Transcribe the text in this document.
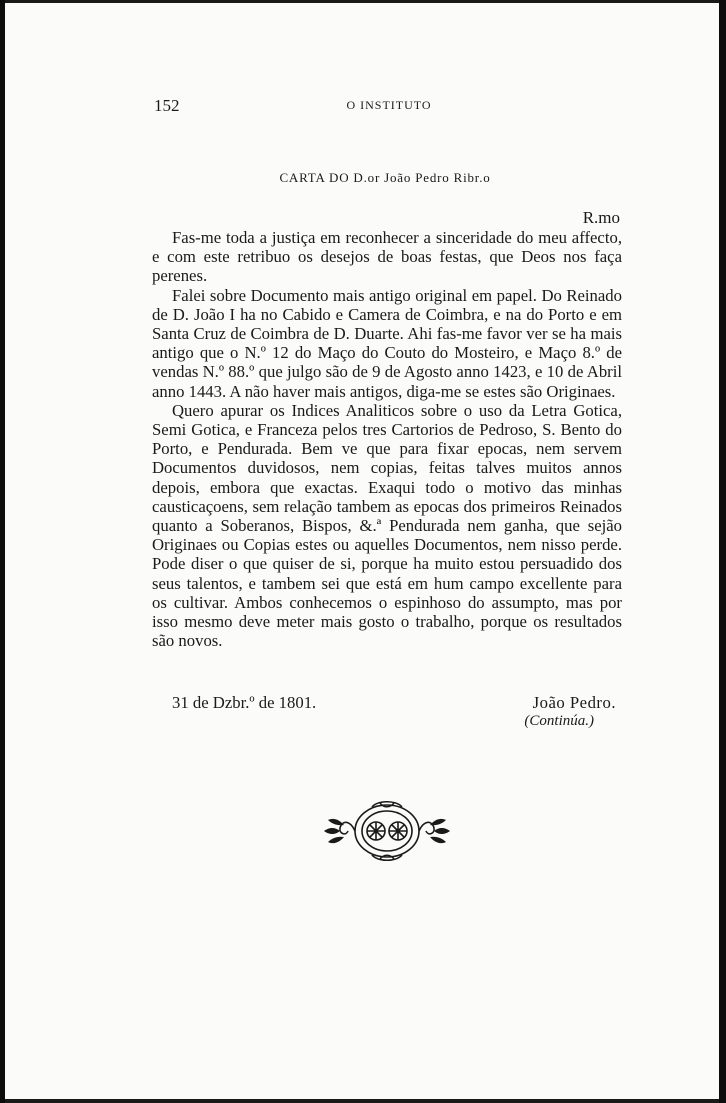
152	O INSTITUTO
CARTA DO D.or João Pedro Ribr.o
R.mo

Fas-me toda a justiça em reconhecer a sinceridade do meu affecto, e com este retribuo os desejos de boas festas, que Deos nos faça perenes.

Falei sobre Documento mais antigo original em papel. Do Reinado de D. João I ha no Cabido e Camera de Coimbra, e na do Porto e em Santa Cruz de Coimbra de D. Duarte. Ahi fas-me favor ver se ha mais antigo que o N.º 12 do Maço do Couto do Mosteiro, e Maço 8.º de vendas N.º 88.º que julgo são de 9 de Agosto anno 1423, e 10 de Abril anno 1443. A não haver mais antigos, diga-me se estes são Originaes.

Quero apurar os Indices Analiticos sobre o uso da Letra Gotica, Semi Gotica, e Franceza pelos tres Cartorios de Pedroso, S. Bento do Porto, e Pendurada. Bem ve que para fixar epocas, nem servem Documentos duvidosos, nem copias, feitas talves muitos annos depois, embora que exactas. Exaqui todo o motivo das minhas causticaçoens, sem relação tambem as epocas dos primeiros Reinados quanto a Soberanos, Bispos, &.ª Pendurada nem ganha, que sejão Originaes ou Copias estes ou aquelles Documentos, nem nisso perde. Pode diser o que quiser de si, porque ha muito estou persuadido dos seus talentos, e tambem sei que está em hum campo excellente para os cultivar. Ambos conhecemos o espinhoso do assumpto, mas por isso mesmo deve meter mais gosto o trabalho, porque os resultados são novos.

31 de Dzbr.º de 1801.	João Pedro.
(Continúa.)
